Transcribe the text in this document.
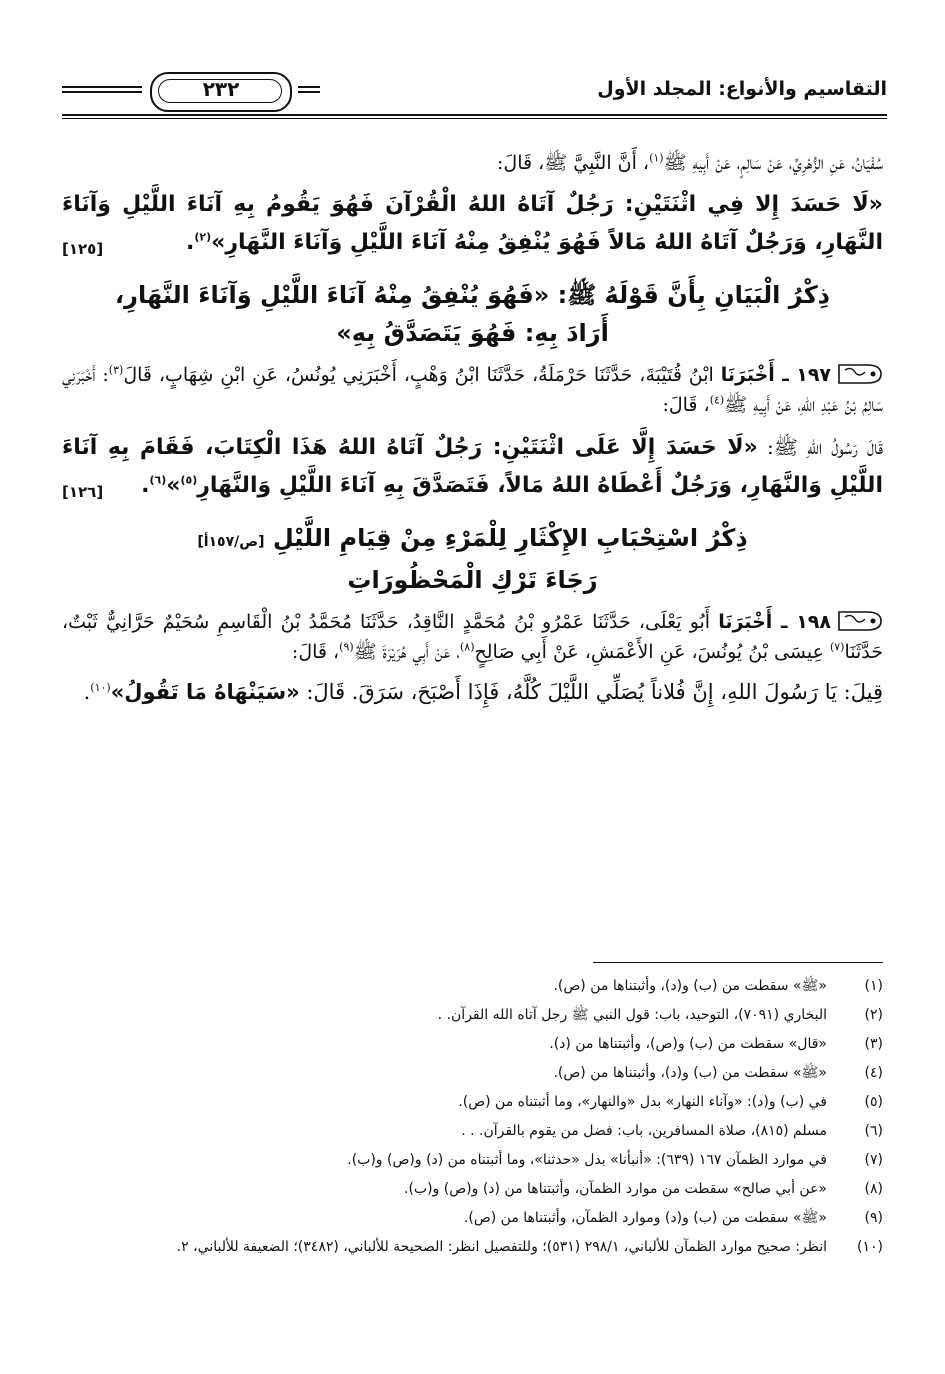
التقاسيم والأنواع: المجلد الأول
٢٣٢

سُفْيَانُ، عَنِ الزُّهْرِيِّ، عَنْ سَالِمٍ، عَنْ أَبِيهِ ﷺ$^{(١)}$، أَنَّ النَّبِيَّ ﷺ، قَالَ:

«لَا حَسَدَ إِلا فِي اثْنَتَيْنِ: رَجُلٌ آتَاهُ اللهُ الْقُرْآنَ فَهُوَ يَقُومُ بِهِ آنَاءَ اللَّيْلِ وَآنَاءَ النَّهَارِ، وَرَجُلٌ آتَاهُ اللهُ مَالاً فَهُوَ يُنْفِقُ مِنْهُ آنَاءَ اللَّيْلِ وَآنَاءَ النَّهَارِ»$^{(٢)}$.
[١٢٥]

ذِكْرُ الْبَيَانِ بِأَنَّ قَوْلَهُ ﷺ: «فَهُوَ يُنْفِقُ مِنْهُ آنَاءَ اللَّيْلِ وَآنَاءَ النَّهَارِ،
أَرَادَ بِهِ: فَهُوَ يَتَصَدَّقُ بِهِ»

١٩٧ ـ أَخْبَرَنَا ابْنُ قُتَيْبَةَ، حَدَّثَنَا حَرْمَلَةُ، حَدَّثَنَا ابْنُ وَهْبٍ، أَخْبَرَنِي يُونُسُ، عَنِ ابْنِ شِهَابٍ، قَالَ$^{(٣)}$: أَخْبَرَنِي سَالِمُ بْنُ عَبْدِ اللهِ، عَنْ أَبِيهِ ﷺ$^{(٤)}$، قَالَ:

قَالَ رَسُولُ اللهِ ﷺ: «لَا حَسَدَ إِلَّا عَلَى اثْنَتَيْنِ: رَجُلٌ آتَاهُ اللهُ هَذَا الْكِتَابَ، فَقَامَ بِهِ آنَاءَ اللَّيْلِ وَالنَّهَارِ، وَرَجُلٌ أَعْطَاهُ اللهُ مَالاً، فَتَصَدَّقَ بِهِ آنَاءَ اللَّيْلِ وَالنَّهَارِ$^{(٥)}$»$^{(٦)}$.
[١٢٦]

ذِكْرُ اسْتِحْبَابِ الإِكْثَارِ لِلْمَرْءِ مِنْ قِيَامِ اللَّيْلِ [ص/١٥٧أ]
رَجَاءَ تَرْكِ الْمَحْظُورَاتِ

١٩٨ ـ أَخْبَرَنَا أَبُو يَعْلَى، حَدَّثَنَا عَمْرُو بْنُ مُحَمَّدٍ النَّاقِدُ، حَدَّثَنَا مُحَمَّدُ بْنُ الْقَاسِمِ سُحَيْمٌ حَرَّانِيٌّ ثَبْتٌ، حَدَّثَنَا$^{(٧)}$ عِيسَى بْنُ يُونُسَ، عَنِ الأَعْمَشِ، عَنْ أَبِي صَالِحٍ$^{(٨)}$، عَنْ أَبِي هُرَيْرَةَ ﷺ$^{(٩)}$، قَالَ:

قِيلَ: يَا رَسُولَ اللهِ، إِنَّ فُلاناً يُصَلِّي اللَّيْلَ كُلَّهُ، فَإِذَا أَصْبَحَ، سَرَقَ. قَالَ: «سَيَنْهَاهُ مَا تَقُولُ»$^{(١٠)}$.

(١)
«ﷺ» سقطت من (ب) و(د)، وأثبتناها من (ص).

(٢)
البخاري (٧٠٩١)، التوحيد، باب: قول النبي ﷺ رجل آتاه الله القرآن. .

(٣)
«قال» سقطت من (ب) و(ص)، وأثبتناها من (د).

(٤)
«ﷺ» سقطت من (ب) و(د)، وأثبتناها من (ص).

(٥)
في (ب) و(د): «وآناء النهار» بدل «والنهار»، وما أثبتناه من (ص).

(٦)
مسلم (٨١٥)، صلاة المسافرين، باب: فضل من يقوم بالقرآن. . .

(٧)
في موارد الظمآن ١٦٧ (٦٣٩): «أنبأنا» بدل «حدثنا»، وما أثبتناه من (د) و(ص) و(ب).

(٨)
«عن أبي صالح» سقطت من موارد الظمآن، وأثبتناها من (د) و(ص) و(ب).

(٩)
«ﷺ» سقطت من (ب) و(د) وموارد الظمآن، وأثبتناها من (ص).

(١٠)
انظر: صحيح موارد الظمآن للألباني، ٢٩٨/١ (٥٣١)؛ وللتفصيل انظر: الصحيحة للألباني، (٣٤٨٢)؛ الضعيفة للألباني، ٢.
